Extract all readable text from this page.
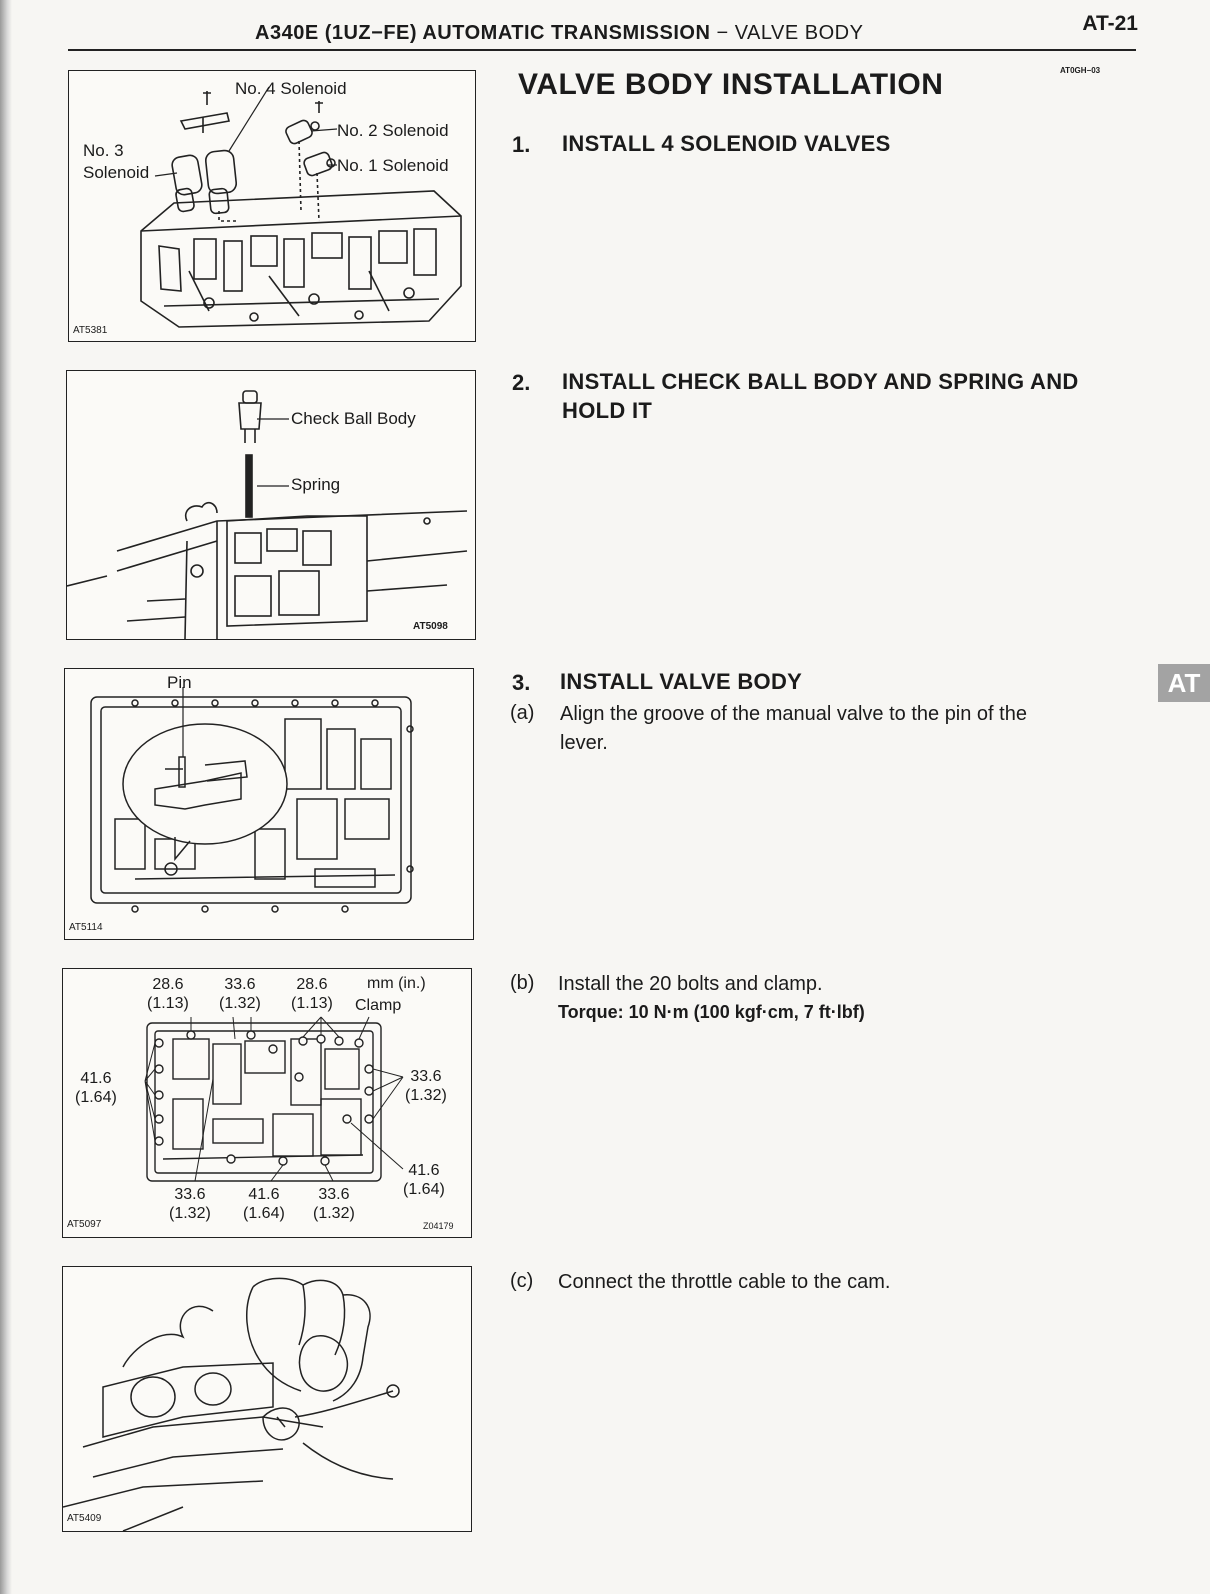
A340E (1UZ−FE) AUTOMATIC TRANSMISSION − VALVE BODY	AT-21
AT0GH−03
VALVE BODY INSTALLATION
No. 4 Solenoid
No. 2 Solenoid
No. 1 Solenoid
No. 3
Solenoid
AT5381
Check Ball Body
Spring
AT5098
Pin
AT5114
28.6
(1.13)
33.6
(1.32)
28.6
(1.13)
mm (in.)
Clamp
41.6
(1.64)
33.6
(1.32)
41.6
(1.64)
33.6
(1.32)
41.6
(1.64)
33.6
(1.32)
AT5097	Z04179
AT5409
1. INSTALL 4 SOLENOID VALVES
2. INSTALL CHECK BALL BODY AND SPRING AND
HOLD IT
3. INSTALL VALVE BODY
(a) Align the groove of the manual valve to the pin of the
lever.
(b) Install the 20 bolts and clamp.
Torque: 10 N·m (100 kgf·cm, 7 ft·lbf)
(c) Connect the throttle cable to the cam.
AT
